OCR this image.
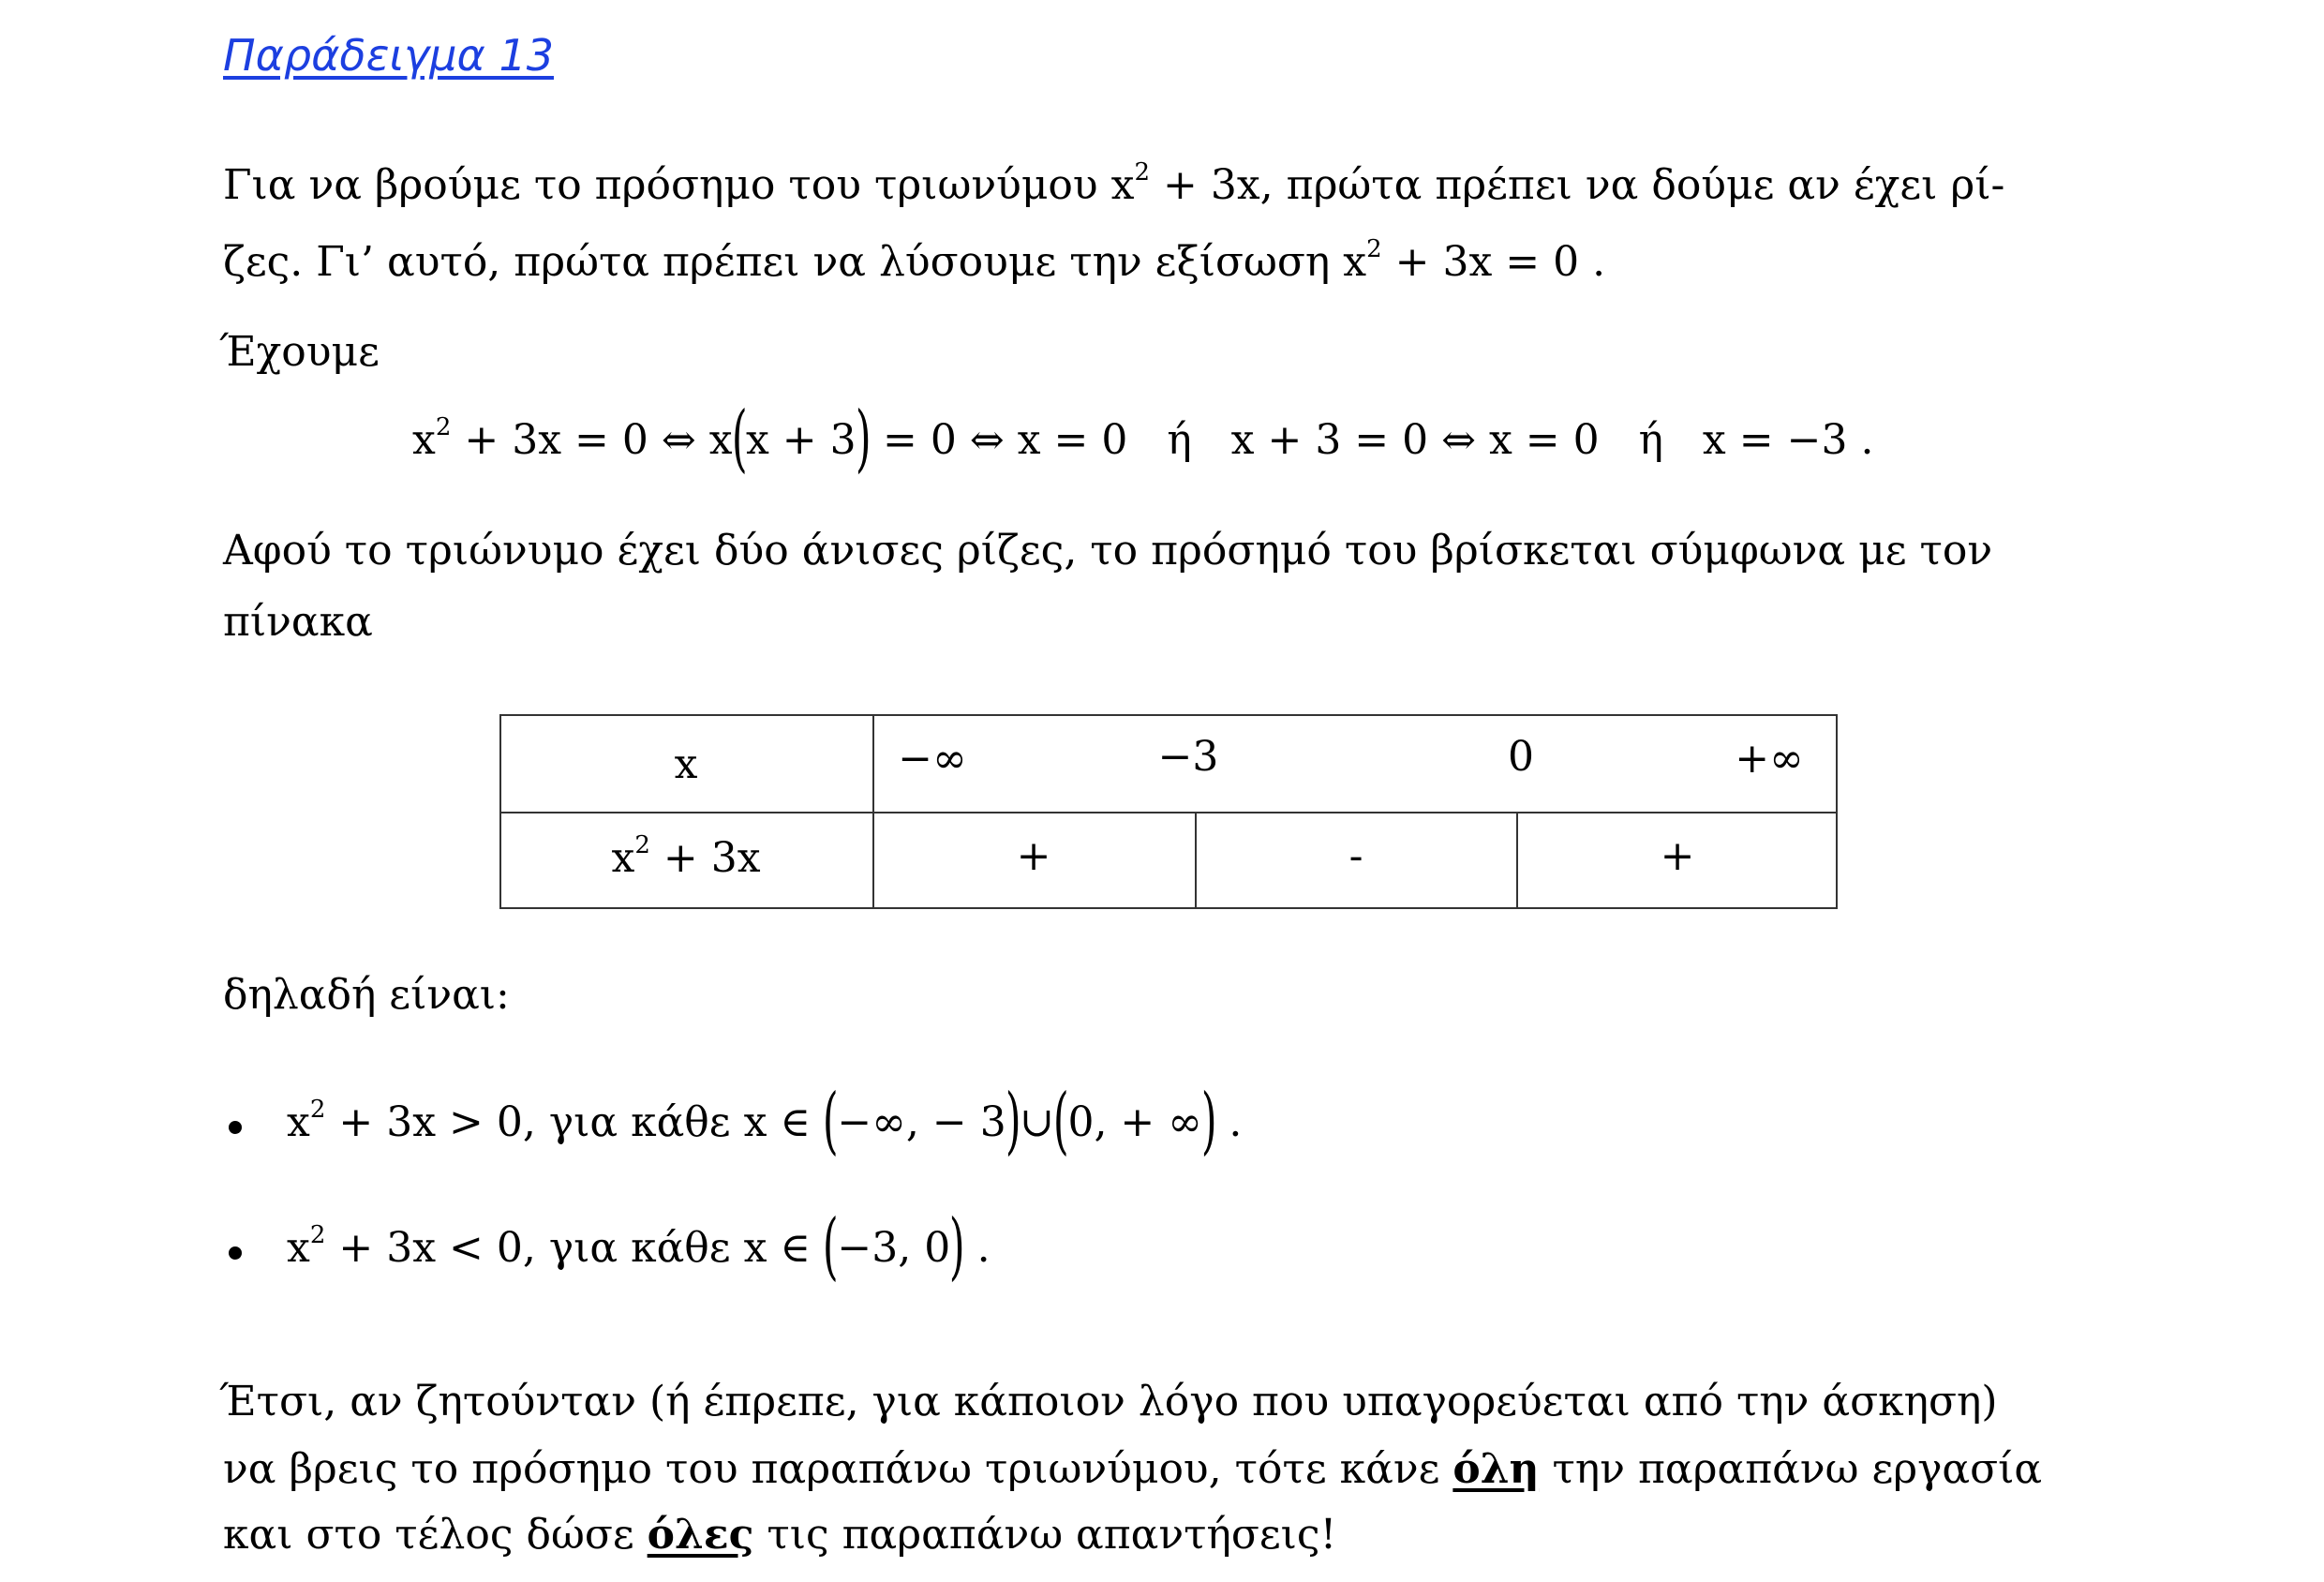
Παράδειγμα 13
Για να βρούμε το πρόσημο του τριωνύμου $x^2 + 3x$, πρώτα πρέπει να δούμε αν έχει ρί-
ζες. Γι’ αυτό, πρώτα πρέπει να λύσουμε την εξίσωση $x^2 + 3x = 0$ .
Έχουμε
$x^2 + 3x = 0$ ⇔ x(x + 3) = 0 ⇔ x = 0   ή   x + 3 = 0 ⇔ x = 0   ή   x = −3 .
Αφού το τριώνυμο έχει δύο άνισες ρίζες, το πρόσημό του βρίσκεται σύμφωνα με τον
πίνακα
x	−∞	−3	0	+∞
$x^2 + 3x$	+	-	+
δηλαδή είναι:
$x^2 + 3x > 0$, για κάθε x ∈ (−∞, − 3)∪(0, + ∞) .
$x^2 + 3x < 0$, για κάθε x ∈ (−3, 0) .
Έτσι, αν ζητούνταν (ή έπρεπε, για κάποιον λόγο που υπαγορεύεται από την άσκηση)
να βρεις το πρόσημο του παραπάνω τριωνύμου, τότε κάνε όλη την παραπάνω εργασία
και στο τέλος δώσε όλες τις παραπάνω απαντήσεις!
